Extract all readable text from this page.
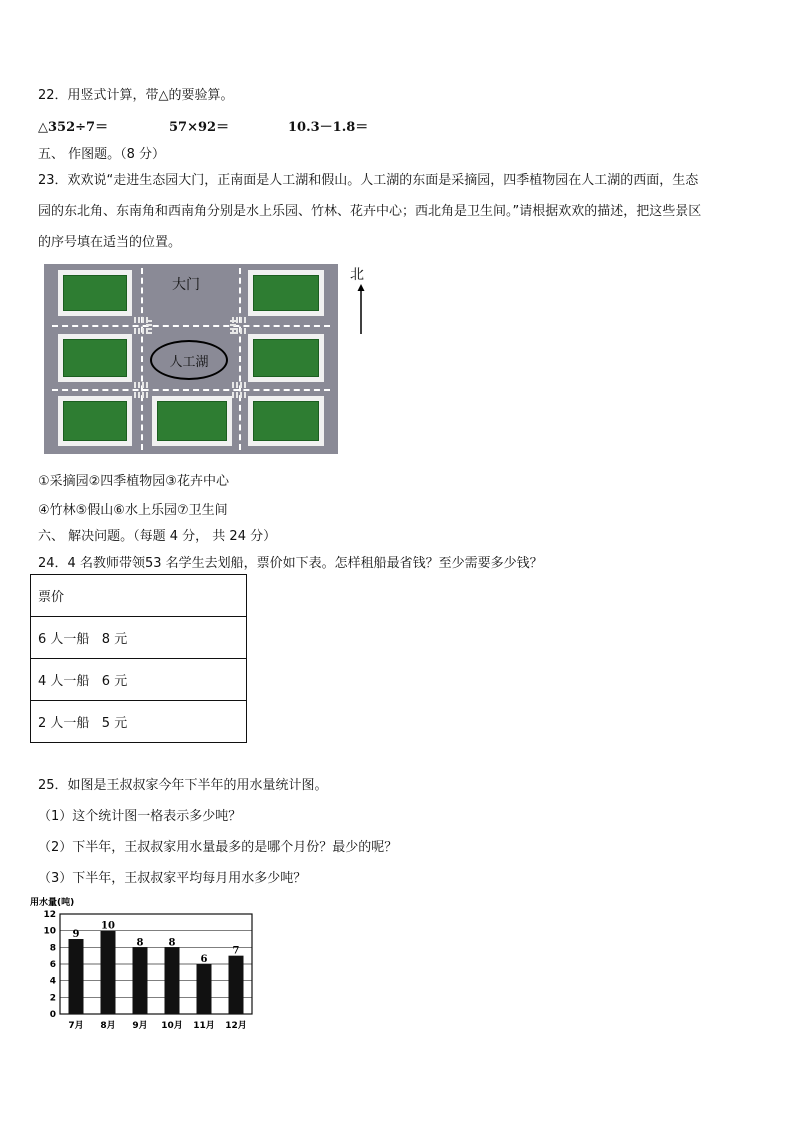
22．用竖式计算，带△的要验算。
△352÷7＝	57×92＝	10.3－1.8＝
五、 作图题。（8 分）
23．欢欢说“走进生态园大门，正南面是人工湖和假山。人工湖的东面是采摘园，四季植物园在人工湖的西面，生态
园的东北角、东南角和西南角分别是水上乐园、竹林、花卉中心；西北角是卫生间。”请根据欢欢的描述，把这些景区
的序号填在适当的位置。
大门
人工湖
北
①采摘园②四季植物园③花卉中心
④竹林⑤假山⑥水上乐园⑦卫生间
六、 解决问题。（每题 4 分， 共 24 分）
24．4 名教师带领53 名学生去划船，票价如下表。怎样租船最省钱？至少需要多少钱？
票价
6 人一船   8 元
4 人一船   6 元
2 人一船   5 元
25．如图是王叔叔家今年下半年的用水量统计图。
（1）这个统计图一格表示多少吨？
（2）下半年，王叔叔家用水量最多的是哪个月份？最少的呢？
（3）下半年，王叔叔家平均每月用水多少吨？
用水量(吨)
0
2
4
6
8
10
12
9
7月
10
8月
8
9月
8
10月
6
11月
7
12月
